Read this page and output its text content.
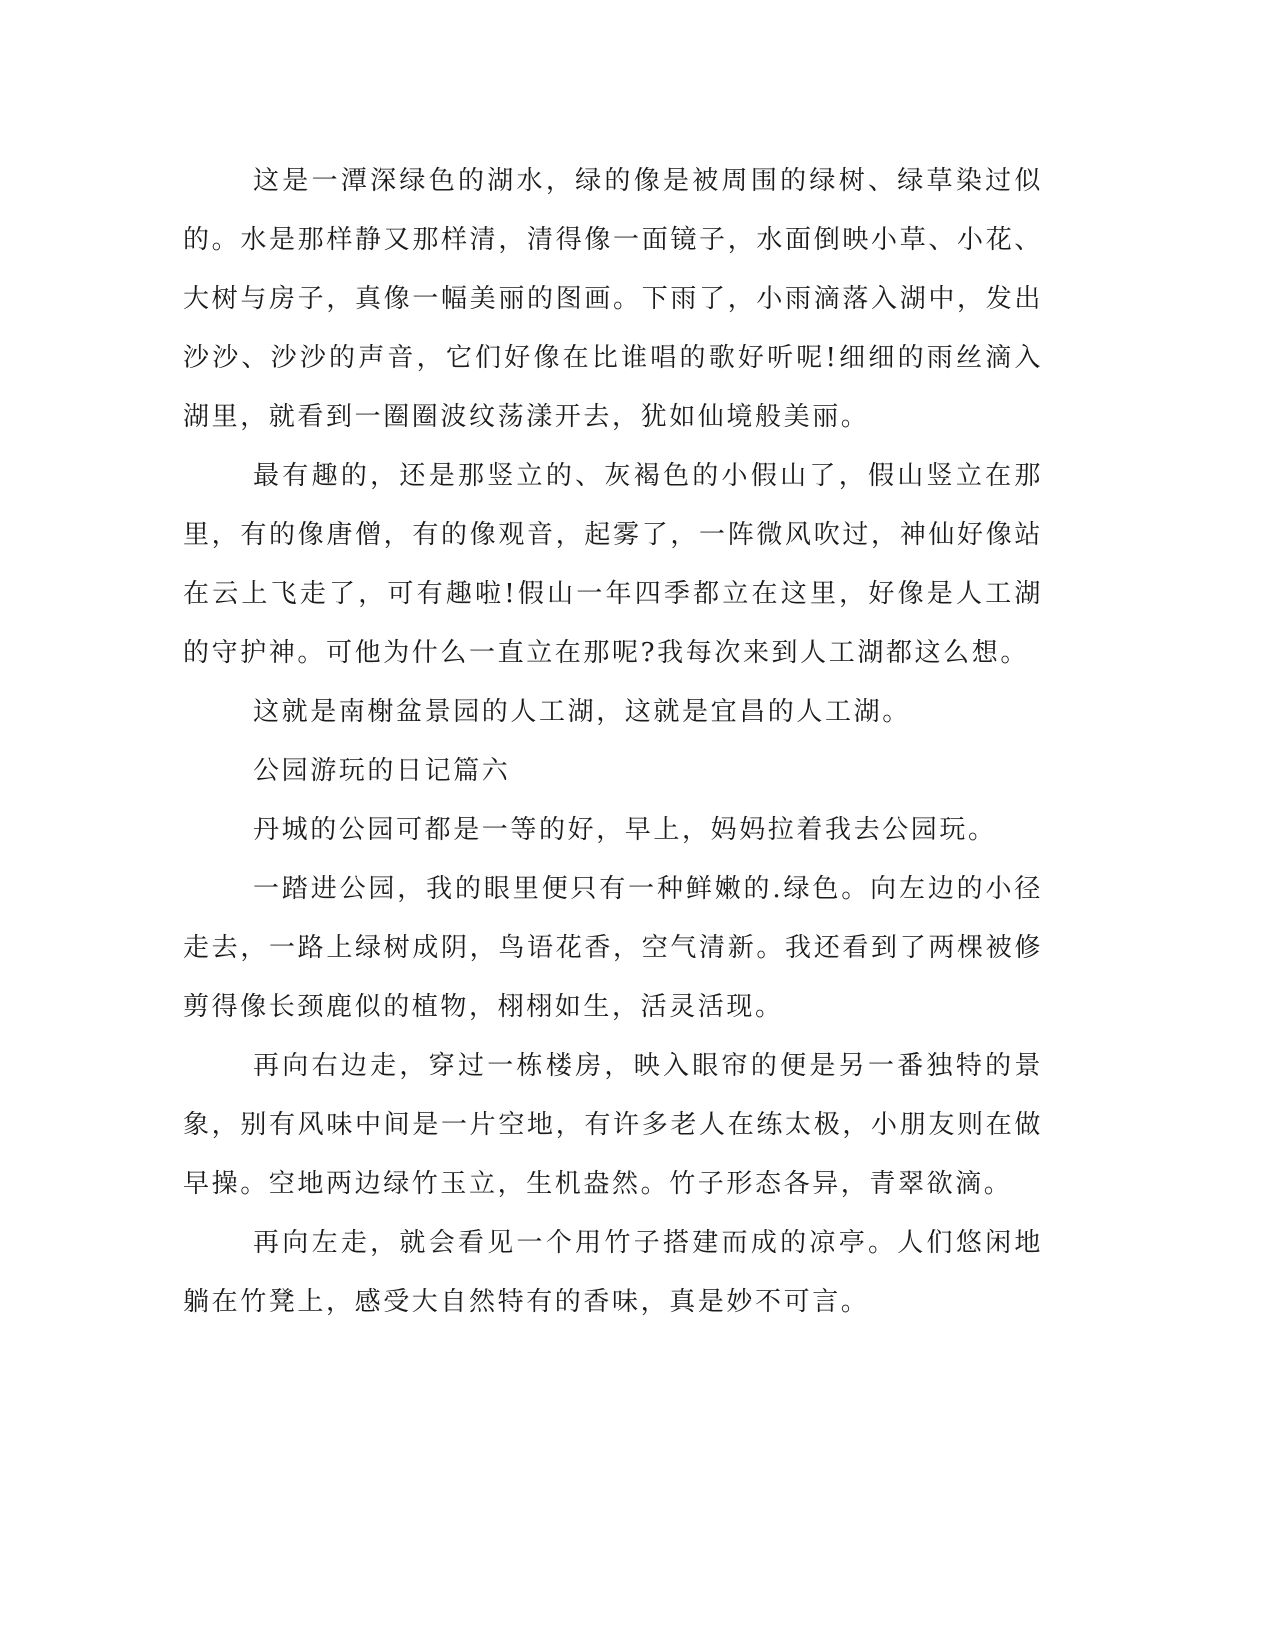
这是一潭深绿色的湖水，绿的像是被周围的绿树、绿草染过似的。水是那样静又那样清，清得像一面镜子，水面倒映小草、小花、大树与房子，真像一幅美丽的图画。下雨了，小雨滴落入湖中，发出沙沙、沙沙的声音，它们好像在比谁唱的歌好听呢!细细的雨丝滴入湖里，就看到一圈圈波纹荡漾开去，犹如仙境般美丽。

最有趣的，还是那竖立的、灰褐色的小假山了，假山竖立在那里，有的像唐僧，有的像观音，起雾了，一阵微风吹过，神仙好像站在云上飞走了，可有趣啦!假山一年四季都立在这里，好像是人工湖的守护神。可他为什么一直立在那呢?我每次来到人工湖都这么想。

这就是南榭盆景园的人工湖，这就是宜昌的人工湖。

公园游玩的日记篇六

丹城的公园可都是一等的好，早上，妈妈拉着我去公园玩。

一踏进公园，我的眼里便只有一种鲜嫩的.绿色。向左边的小径走去，一路上绿树成阴，鸟语花香，空气清新。我还看到了两棵被修剪得像长颈鹿似的植物，栩栩如生，活灵活现。

再向右边走，穿过一栋楼房，映入眼帘的便是另一番独特的景象，别有风味中间是一片空地，有许多老人在练太极，小朋友则在做早操。空地两边绿竹玉立，生机盎然。竹子形态各异，青翠欲滴。

再向左走，就会看见一个用竹子搭建而成的凉亭。人们悠闲地躺在竹凳上，感受大自然特有的香味，真是妙不可言。
